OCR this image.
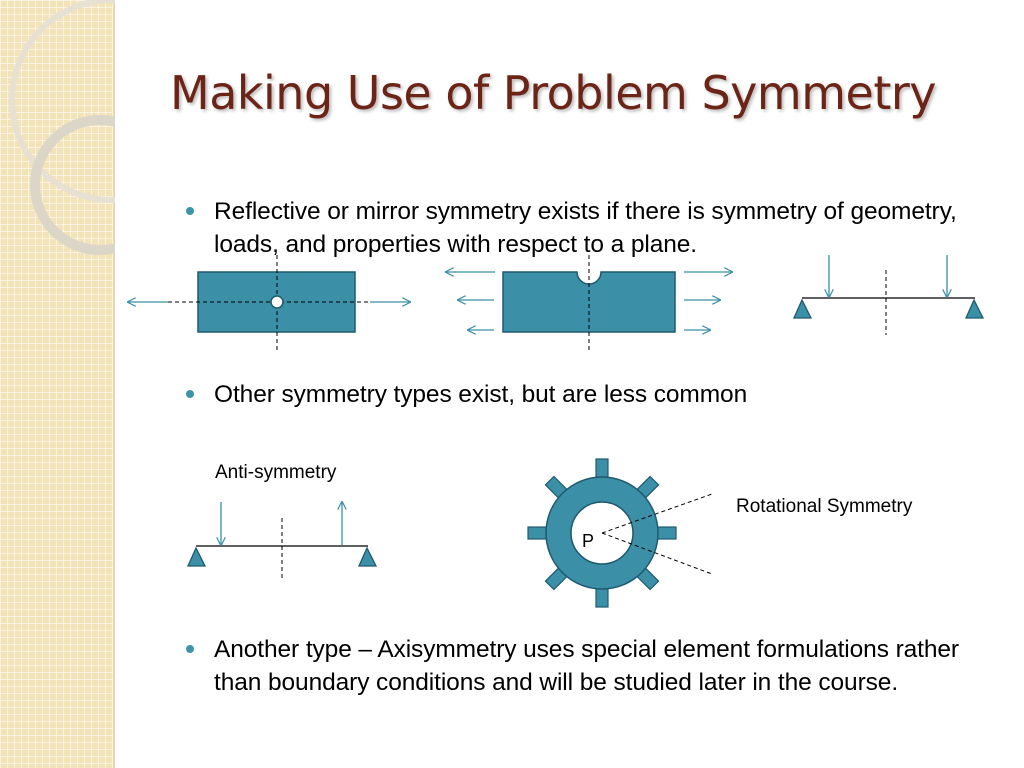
Making Use of Problem Symmetry
Reflective or mirror symmetry exists if there is symmetry of geometry, loads, and properties with respect to a plane.
Other symmetry types exist, but are less common
Another type – Axisymmetry uses special element formulations rather than boundary conditions and will be studied later in the course.
P
Anti-symmetry
Rotational Symmetry
